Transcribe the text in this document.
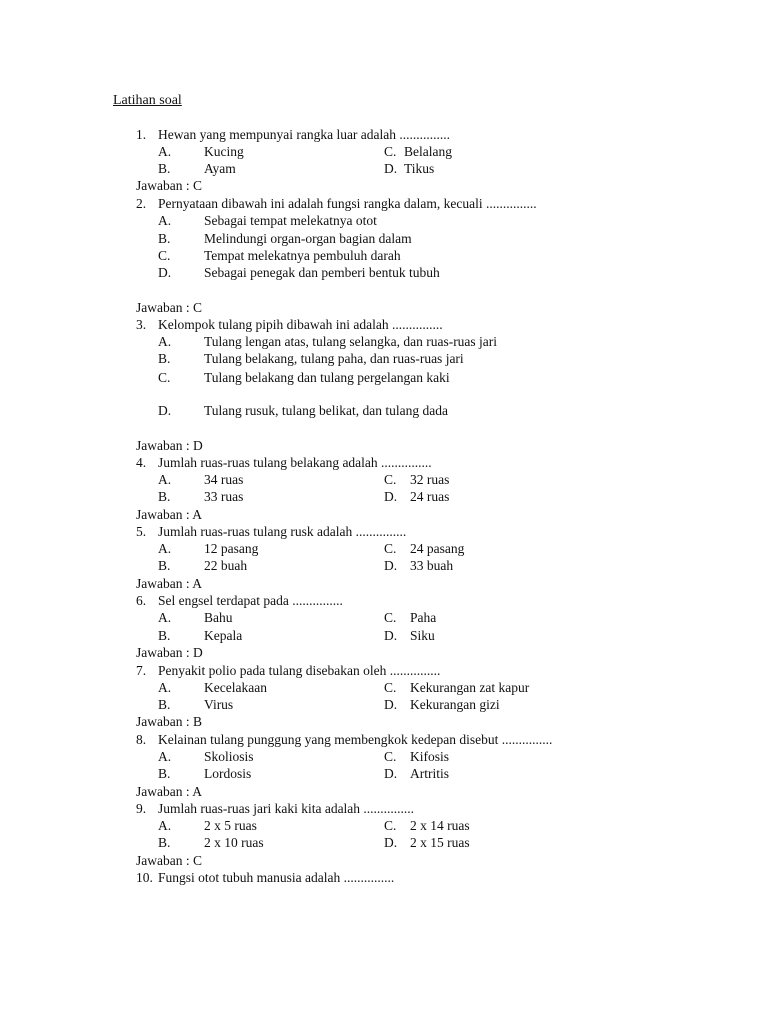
Latihan soal
1. Hewan yang mempunyai rangka luar adalah ...............
A. Kucing	C. Belalang
B. Ayam	D. Tikus
Jawaban : C
2. Pernyataan dibawah ini adalah fungsi rangka dalam, kecuali ...............
A. Sebagai tempat melekatnya otot
B. Melindungi organ-organ bagian dalam
C. Tempat melekatnya pembuluh darah
D. Sebagai penegak dan pemberi bentuk tubuh
Jawaban : C
3. Kelompok tulang pipih dibawah ini adalah ...............
A. Tulang lengan atas, tulang selangka, dan ruas-ruas jari
B. Tulang belakang, tulang paha, dan ruas-ruas jari
C. Tulang belakang dan tulang pergelangan kaki
D. Tulang rusuk, tulang belikat, dan tulang dada
Jawaban : D
4. Jumlah ruas-ruas tulang belakang adalah ...............
A. 34 ruas	C. 32 ruas
B. 33 ruas	D. 24 ruas
Jawaban : A
5. Jumlah ruas-ruas tulang rusk adalah ...............
A. 12 pasang	C. 24 pasang
B. 22 buah	D. 33 buah
Jawaban : A
6. Sel engsel terdapat pada ...............
A. Bahu	C. Paha
B. Kepala	D. Siku
Jawaban : D
7. Penyakit polio pada tulang disebakan oleh ...............
A. Kecelakaan	C. Kekurangan zat kapur
B. Virus	D. Kekurangan gizi
Jawaban : B
8. Kelainan tulang punggung yang membengkok kedepan disebut ...............
A. Skoliosis	C. Kifosis
B. Lordosis	D. Artritis
Jawaban : A
9. Jumlah ruas-ruas jari kaki kita adalah ...............
A. 2 x 5 ruas	C. 2 x 14 ruas
B. 2 x 10 ruas	D. 2 x 15 ruas
Jawaban : C
10. Fungsi otot tubuh manusia adalah ...............
